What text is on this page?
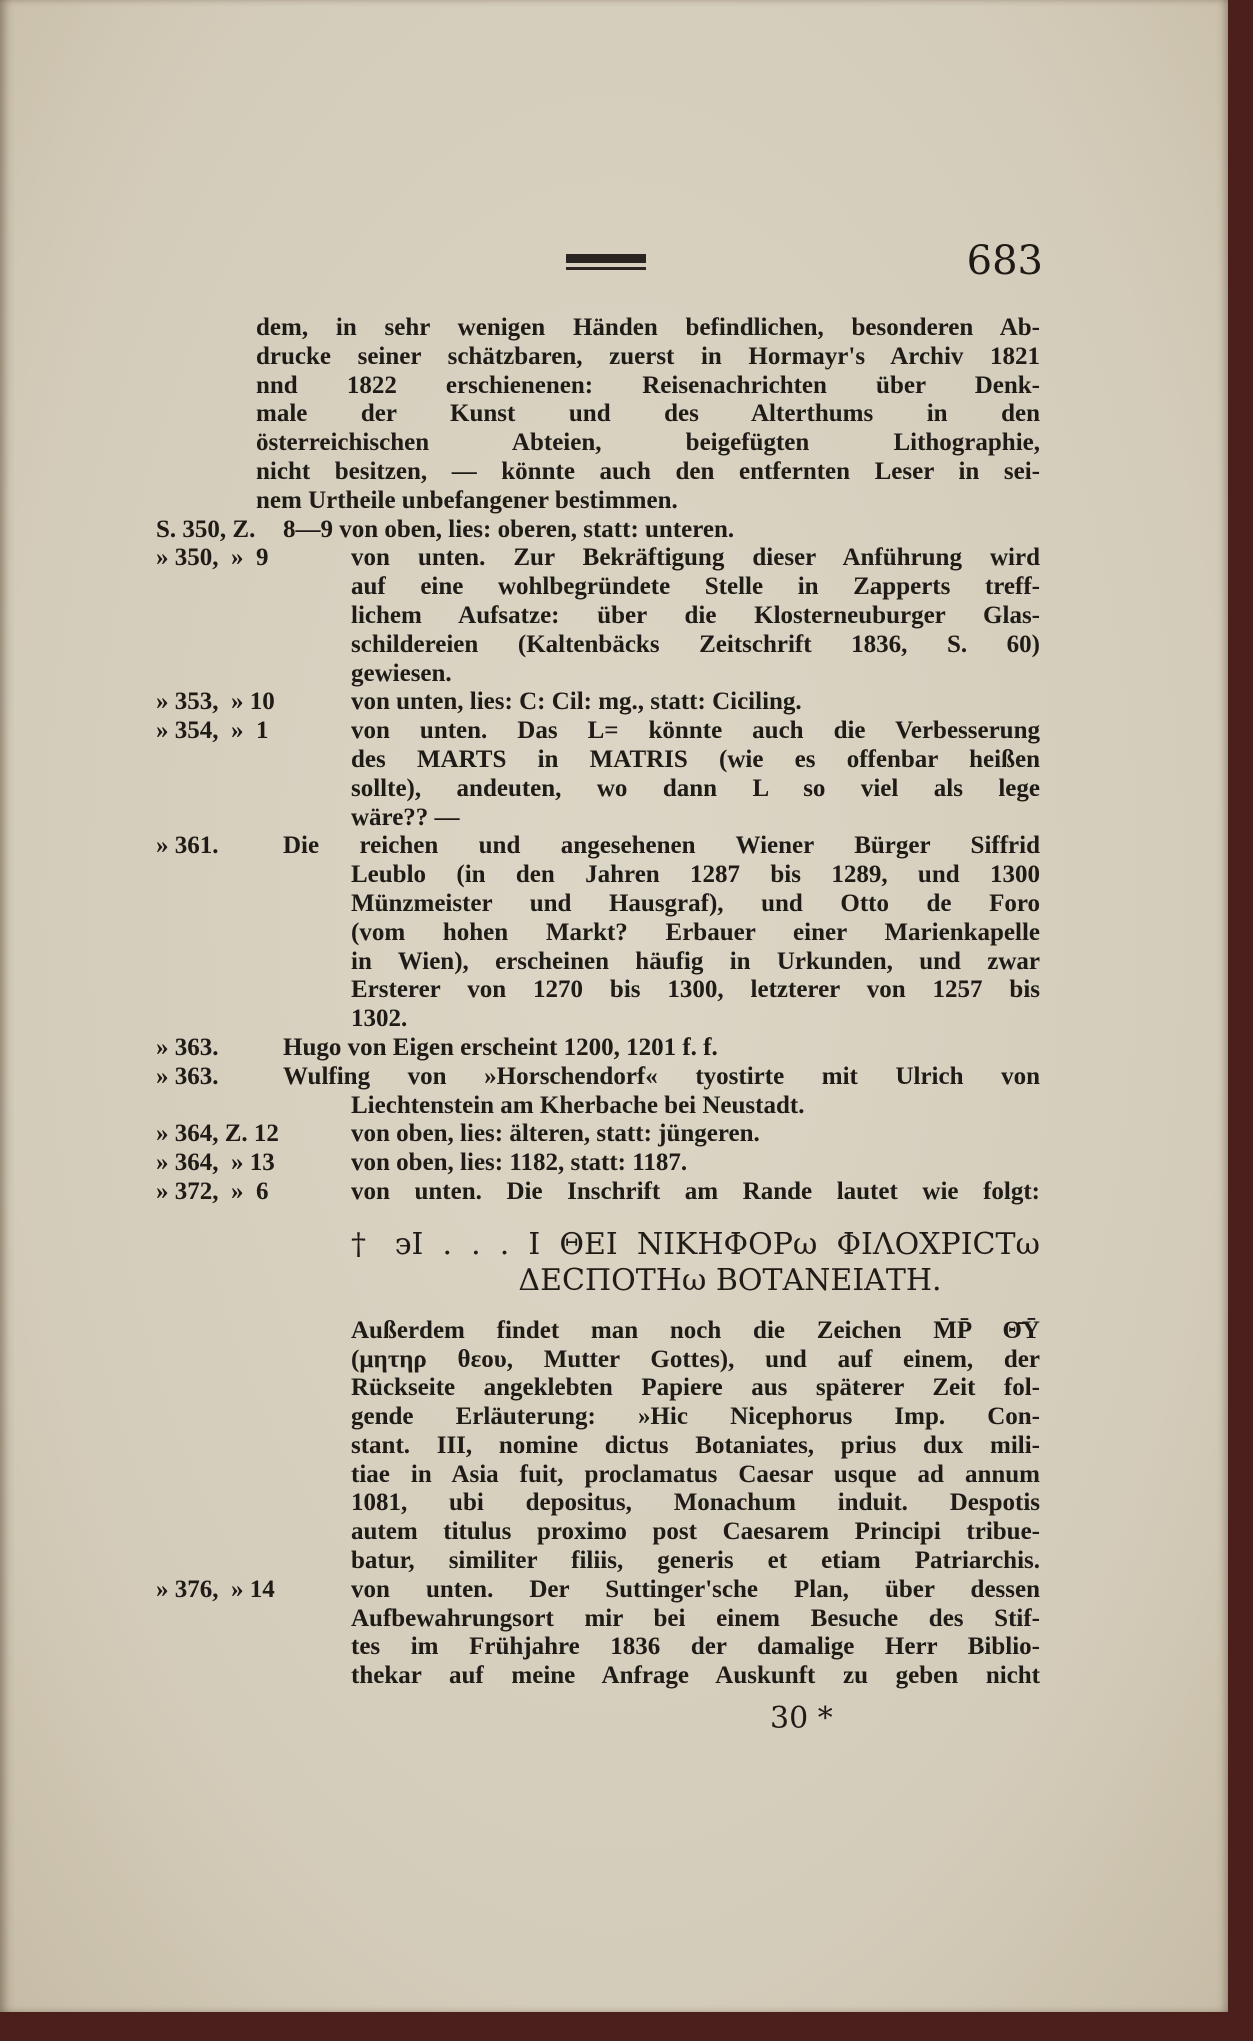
683
dem, in sehr wenigen Händen befindlichen, besonderen Ab-
drucke seiner schätzbaren, zuerst in Hormayr's Archiv 1821
nnd 1822 erschienenen: Reisenachrichten über Denk-
male der Kunst und des Alterthums in den
österreichischen Abteien, beigefügten Lithographie,
nicht besitzen, — könnte auch den entfernten Leser in sei-
nem Urtheile unbefangener bestimmen.
S. 350, Z.	8—9 von oben, lies: oberen, statt: unteren.
» 350,  »  9	von unten. Zur Bekräftigung dieser Anführung wird
auf eine wohlbegründete Stelle in Zapperts treff-
lichem Aufsatze: über die Klosterneuburger Glas-
schildereien (Kaltenbäcks Zeitschrift 1836, S. 60)
gewiesen.
» 353,  » 10	von unten, lies: C: Cil: mg., statt: Ciciling.
» 354,  »  1	von unten. Das L= könnte auch die Verbesserung
des MARTS in MATRIS (wie es offenbar heißen
sollte), andeuten, wo dann L so viel als lege
wäre?? —
» 361.	Die reichen und angesehenen Wiener Bürger Siffrid
Leublo (in den Jahren 1287 bis 1289, und 1300
Münzmeister und Hausgraf), und Otto de Foro
(vom hohen Markt? Erbauer einer Marienkapelle
in Wien), erscheinen häufig in Urkunden, und zwar
Ersterer von 1270 bis 1300, letzterer von 1257 bis
1302.
» 363.	Hugo von Eigen erscheint 1200, 1201 f. f.
» 363.	Wulfing von »Horschendorf« tyostirte mit Ulrich von
Liechtenstein am Kherbache bei Neustadt.
» 364, Z. 12	von oben, lies: älteren, statt: jüngeren.
» 364,  » 13	von oben, lies: 1182, statt: 1187.
» 372,  »  6	von unten. Die Inschrift am Rande lautet wie folgt:
† ϶Ι . . . Ι ΘΕΙ ΝΙΚΗΦΟΡω ΦΙΛΟΧΡΙCΤω
ΔΕCΠΟΤΗω ΒΟΤΑΝΕΙΑΤΗ.
Außerdem findet man noch die Zeichen M̄P̄ Θ̄Ȳ
(μητηρ θεου, Mutter Gottes), und auf einem, der
Rückseite angeklebten Papiere aus späterer Zeit fol-
gende Erläuterung: »Hic Nicephorus Imp. Con-
stant. III, nomine dictus Botaniates, prius dux mili-
tiae in Asia fuit, proclamatus Caesar usque ad annum
1081, ubi depositus, Monachum induit. Despotis
autem titulus proximo post Caesarem Principi tribue-
batur, similiter filiis, generis et etiam Patriarchis.
» 376,  » 14	von unten. Der Suttinger'sche Plan, über dessen
Aufbewahrungsort mir bei einem Besuche des Stif-
tes im Frühjahre 1836 der damalige Herr Biblio-
thekar auf meine Anfrage Auskunft zu geben nicht
30 *
